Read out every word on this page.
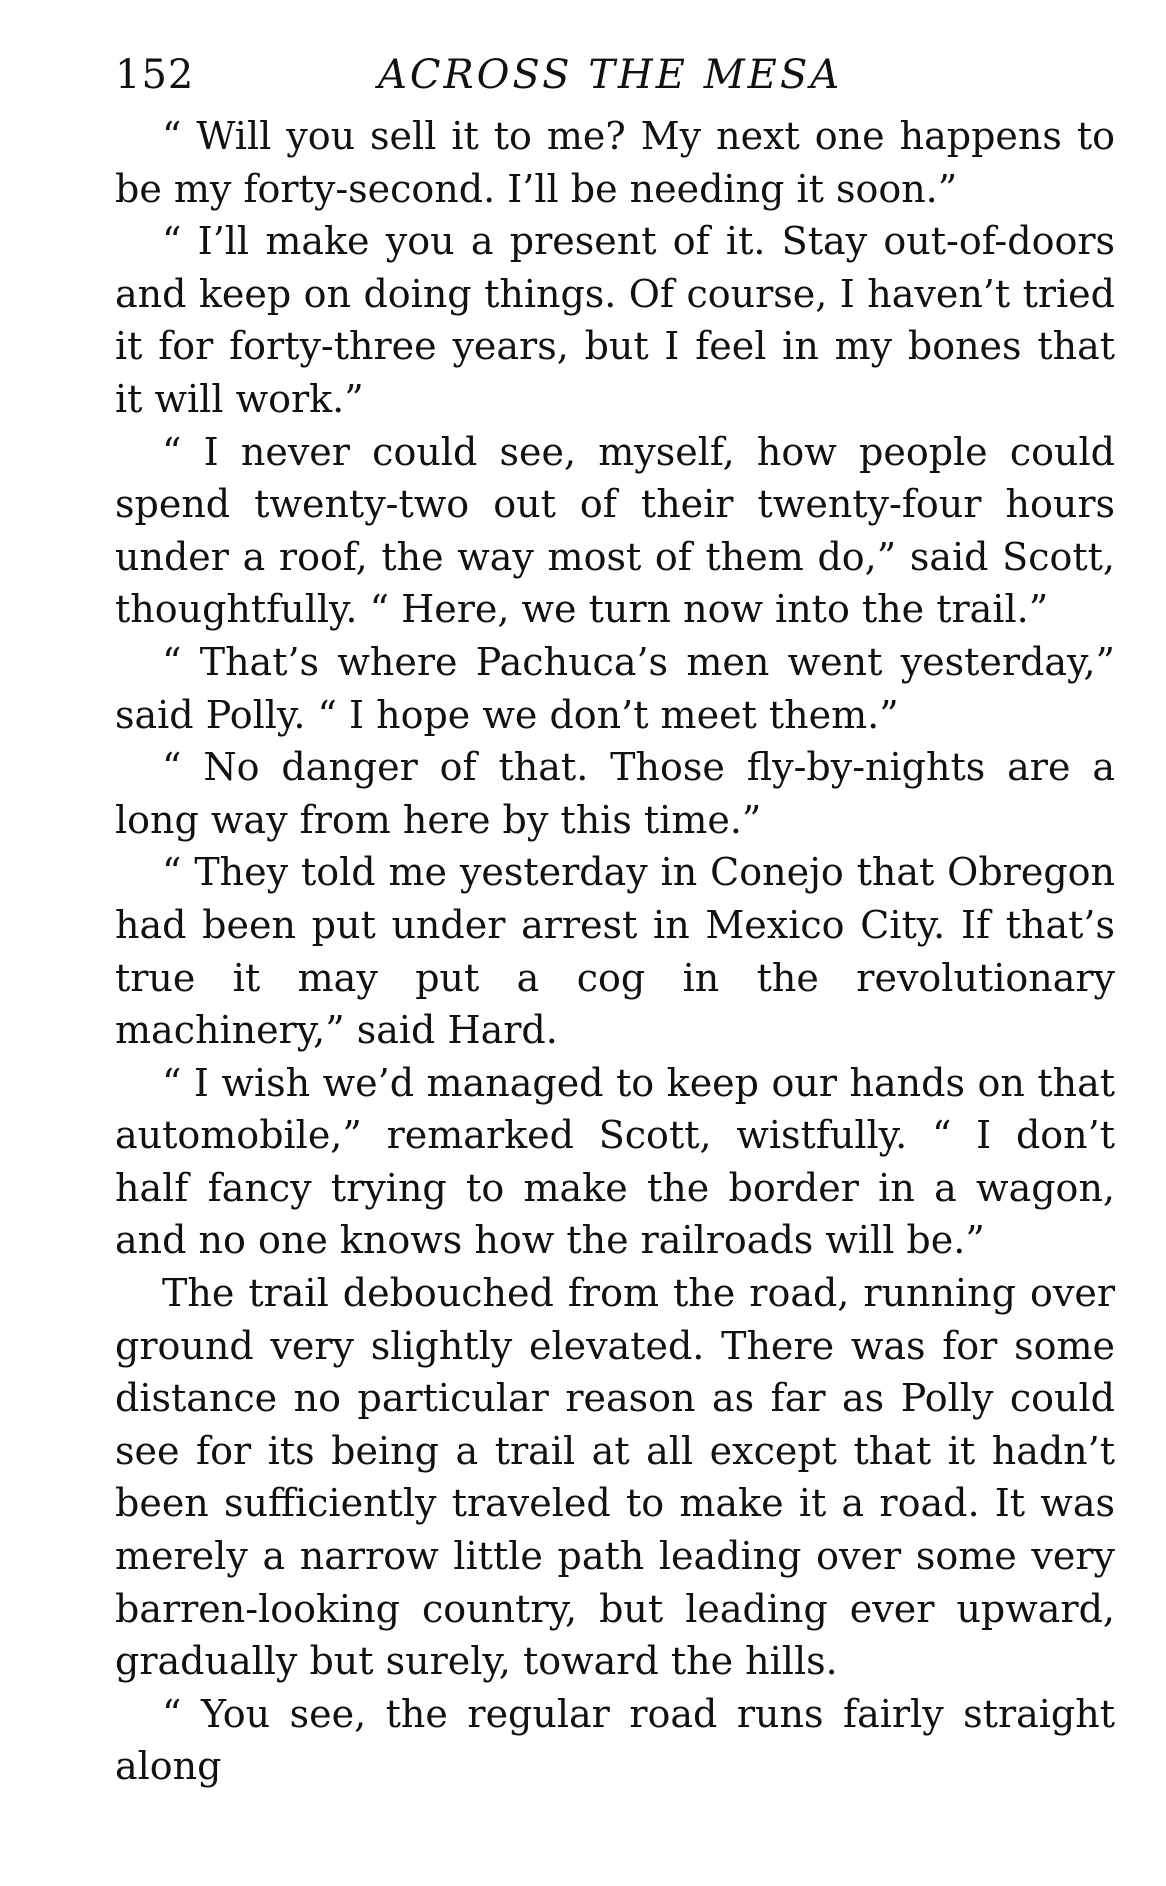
152	ACROSS THE MESA

“ Will you sell it to me? My next one happens to be my forty-second. I’ll be needing it soon.”

“ I’ll make you a present of it. Stay out-of-doors and keep on doing things. Of course, I haven’t tried it for forty-three years, but I feel in my bones that it will work.”

“ I never could see, myself, how people could spend twenty-two out of their twenty-four hours under a roof, the way most of them do,” said Scott, thoughtfully. “ Here, we turn now into the trail.”

“ That’s where Pachuca’s men went yesterday,” said Polly. “ I hope we don’t meet them.”

“ No danger of that. Those fly-by-nights are a long way from here by this time.”

“ They told me yesterday in Conejo that Obregon had been put under arrest in Mexico City. If that’s true it may put a cog in the revolutionary machinery,” said Hard.

“ I wish we’d managed to keep our hands on that automobile,” remarked Scott, wistfully. “ I don’t half fancy trying to make the border in a wagon, and no one knows how the railroads will be.”

The trail debouched from the road, running over ground very slightly elevated. There was for some distance no particular reason as far as Polly could see for its being a trail at all except that it hadn’t been sufficiently traveled to make it a road. It was merely a narrow little path leading over some very barren-looking country, but leading ever upward, gradually but surely, toward the hills.

“ You see, the regular road runs fairly straight along
